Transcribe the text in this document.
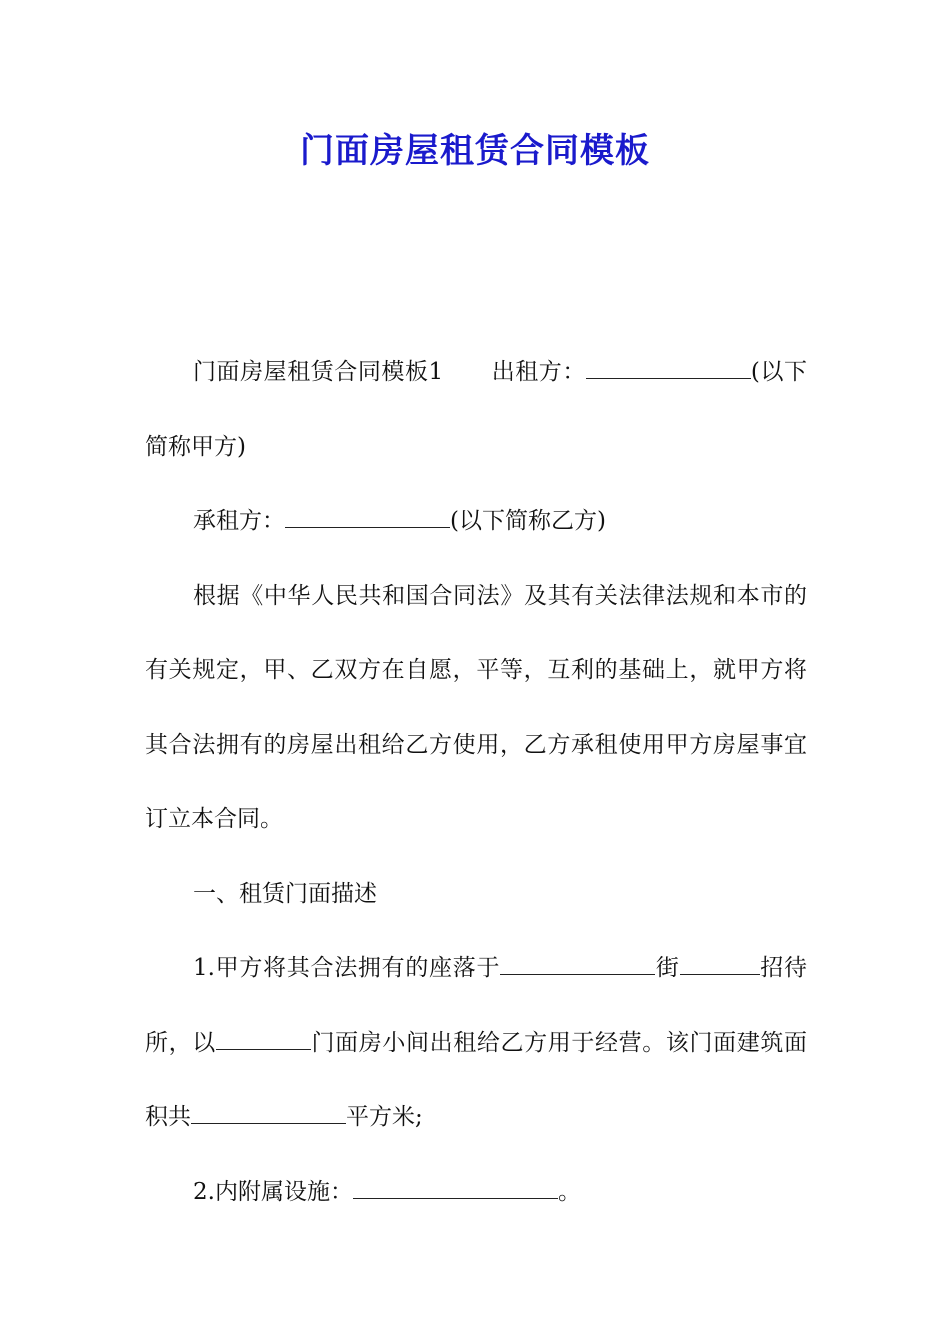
门面房屋租赁合同模板

门面房屋租赁合同模板1 出租方：	(以下简称甲方)

承租方：	(以下简称乙方)

根据《中华人民共和国合同法》及其有关法律法规和本市的有关规定，甲、乙双方在自愿，平等，互利的基础上，就甲方将其合法拥有的房屋出租给乙方使用，乙方承租使用甲方房屋事宜订立本合同。

一、租赁门面描述

1.甲方将其合法拥有的座落于	街	招待所，以	门面房小间出租给乙方用于经营。该门面建筑面积共	平方米;

2.内附属设施：	。
